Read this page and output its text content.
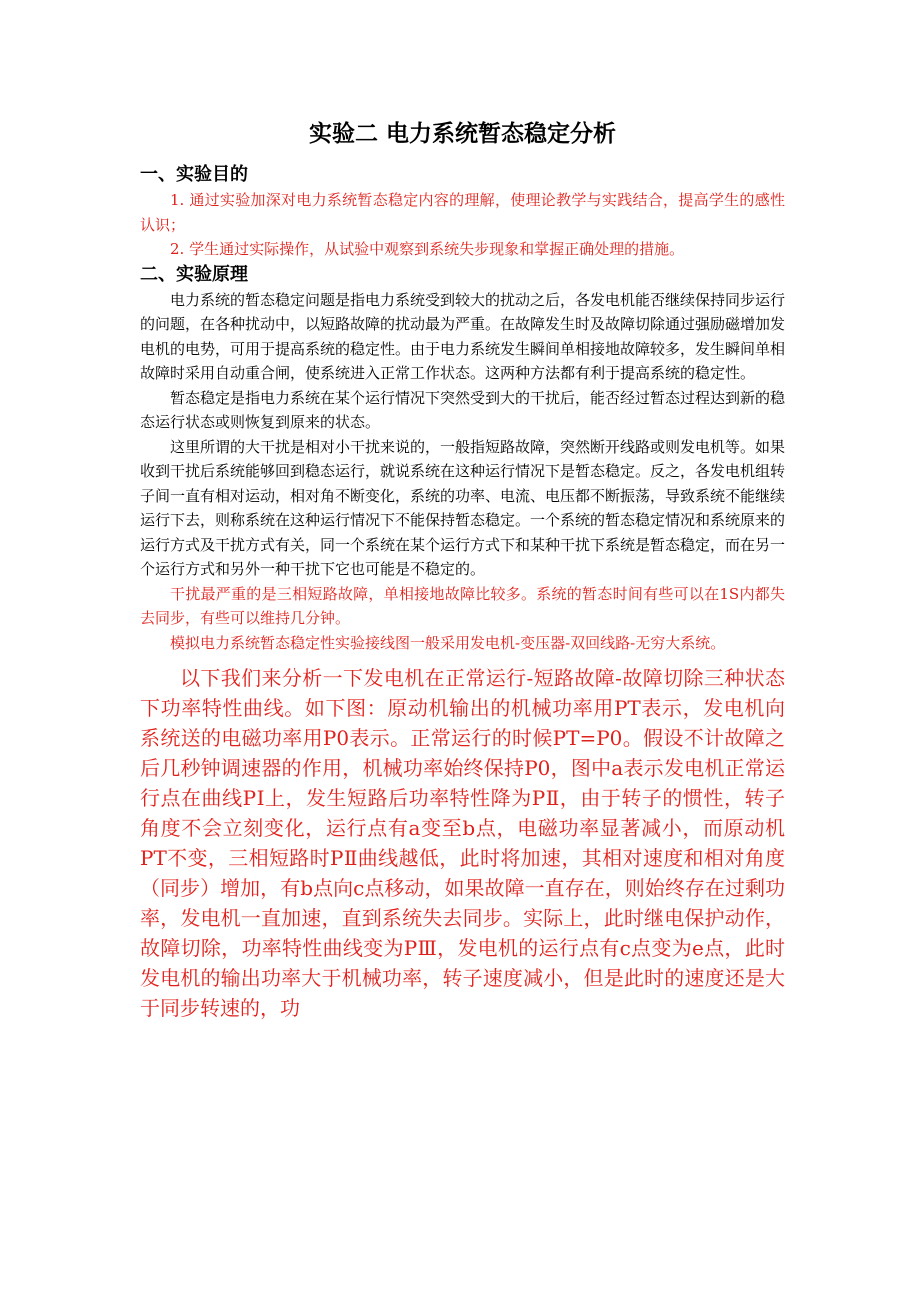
实验二 电力系统暂态稳定分析
一、实验目的

1. 通过实验加深对电力系统暂态稳定内容的理解，使理论教学与实践结合，提高学生的感性认识；

2. 学生通过实际操作，从试验中观察到系统失步现象和掌握正确处理的措施。

二、实验原理

电力系统的暂态稳定问题是指电力系统受到较大的扰动之后，各发电机能否继续保持同步运行的问题，在各种扰动中，以短路故障的扰动最为严重。在故障发生时及故障切除通过强励磁增加发电机的电势，可用于提高系统的稳定性。由于电力系统发生瞬间单相接地故障较多，发生瞬间单相故障时采用自动重合闸，使系统进入正常工作状态。这两种方法都有利于提高系统的稳定性。

暂态稳定是指电力系统在某个运行情况下突然受到大的干扰后，能否经过暂态过程达到新的稳态运行状态或则恢复到原来的状态。

这里所谓的大干扰是相对小干扰来说的，一般指短路故障，突然断开线路或则发电机等。如果收到干扰后系统能够回到稳态运行，就说系统在这种运行情况下是暂态稳定。反之，各发电机组转子间一直有相对运动，相对角不断变化，系统的功率、电流、电压都不断振荡，导致系统不能继续运行下去，则称系统在这种运行情况下不能保持暂态稳定。一个系统的暂态稳定情况和系统原来的运行方式及干扰方式有关，同一个系统在某个运行方式下和某种干扰下系统是暂态稳定，而在另一个运行方式和另外一种干扰下它也可能是不稳定的。

干扰最严重的是三相短路故障，单相接地故障比较多。系统的暂态时间有些可以在1S内都失去同步，有些可以维持几分钟。

模拟电力系统暂态稳定性实验接线图一般采用发电机-变压器-双回线路-无穷大系统。

以下我们来分析一下发电机在正常运行-短路故障-故障切除三种状态下功率特性曲线。如下图：原动机输出的机械功率用PT表示，发电机向系统送的电磁功率用P0表示。正常运行的时候PT=P0。假设不计故障之后几秒钟调速器的作用，机械功率始终保持P0，图中a表示发电机正常运行点在曲线PⅠ上，发生短路后功率特性降为PⅡ，由于转子的惯性，转子角度不会立刻变化，运行点有a变至b点，电磁功率显著减小，而原动机PT不变，三相短路时PⅡ曲线越低，此时将加速，其相对速度和相对角度（同步）增加，有b点向c点移动，如果故障一直存在，则始终存在过剩功率，发电机一直加速，直到系统失去同步。实际上，此时继电保护动作，故障切除，功率特性曲线变为PⅢ，发电机的运行点有c点变为e点，此时发电机的输出功率大于机械功率，转子速度减小，但是此时的速度还是大于同步转速的，功
